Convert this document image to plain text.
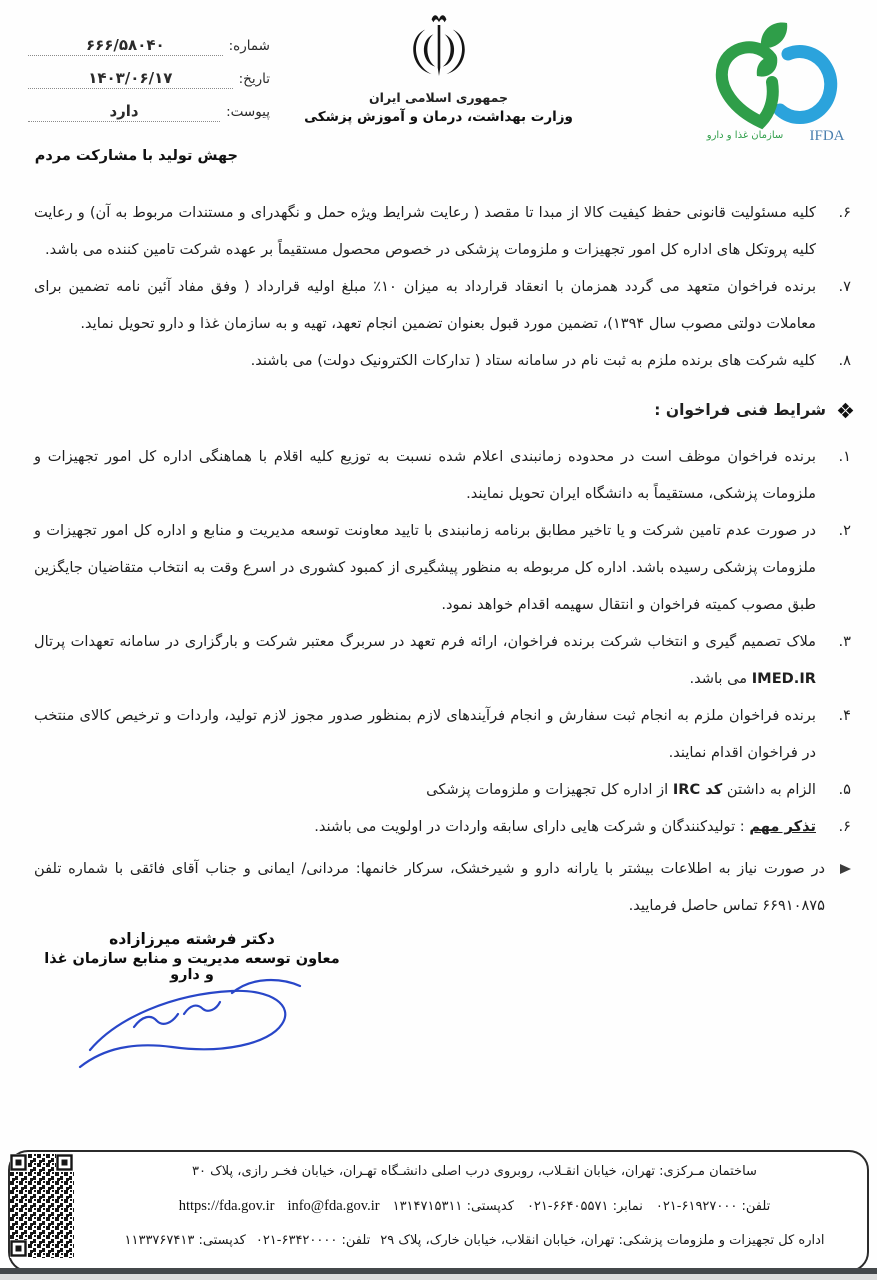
شماره:
۶۶۶/۵۸۰۴۰
تاریخ:
۱۴۰۳/۰۶/۱۷
پیوست:
دارد
جهش تولید با مشارکت مردم
جمهوری اسلامی ایران
وزارت بهداشت، درمان و آموزش پزشکی
IFDA
سازمان غذا و دارو
۶.
کلیه مسئولیت قانونی حفظ کیفیت کالا از مبدا تا مقصد ( رعایت شرایط ویژه حمل و نگهدرای و مستندات مربوط به آن) و رعایت کلیه پروتکل های اداره کل امور تجهیزات و ملزومات پزشکی در خصوص محصول مستقیماً بر عهده شرکت تامین کننده می باشد.
۷.
برنده فراخوان متعهد می گردد همزمان با انعقاد قرارداد به میزان ۱۰٪ مبلغ اولیه قرارداد ( وفق مفاد آئین نامه تضمین برای معاملات دولتی مصوب سال ۱۳۹۴)، تضمین مورد قبول بعنوان تضمین انجام تعهد، تهیه و به سازمان غذا و دارو تحویل نماید.
۸.
کلیه شرکت های برنده ملزم به ثبت نام در سامانه ستاد ( تدارکات الکترونیک دولت) می باشند.
شرایط فنی فراخوان :
۱.
برنده فراخوان موظف است در محدوده زمانبندی اعلام شده نسبت به توزیع کلیه اقلام با هماهنگی اداره کل امور تجهیزات و ملزومات پزشکی، مستقیماً به دانشگاه ایران تحویل نمایند.
۲.
در صورت عدم تامین شرکت و یا تاخیر مطابق برنامه زمانبندی با تایید معاونت توسعه مدیریت و منابع و اداره کل امور تجهیزات و ملزومات پزشکی رسیده باشد. اداره کل مربوطه به منظور پیشگیری از کمبود کشوری در اسرع وقت به انتخاب متقاضیان جایگزین طبق مصوب کمیته فراخوان و انتقال سهیمه اقدام خواهد نمود.
۳.
ملاک تصمیم گیری و انتخاب شرکت برنده فراخوان، ارائه فرم تعهد در سربرگ معتبر شرکت و بارگزاری در سامانه تعهدات پرتال IMED.IR می باشد.
۴.
برنده فراخوان ملزم به انجام ثبت سفارش و انجام فرآیندهای لازم بمنظور صدور مجوز لازم تولید، واردات و ترخیص کالای منتخب در فراخوان اقدام نمایند.
۵.
الزام به داشتن کد IRC از اداره کل تجهیزات و ملزومات پزشکی
۶.
تذکر مهم : تولیدکنندگان و شرکت هایی دارای سابقه واردات در اولویت می باشند.
در صورت نیاز به اطلاعات بیشتر با یارانه دارو و شیرخشک، سرکار خانمها: مردانی/ ایمانی و جناب آقای فائقی با شماره تلفن ۶۶۹۱۰۸۷۵ تماس حاصل فرمایید.
دکتر فرشته میرزازاده
معاون توسعه مدیریت و منابع سازمان غذا و دارو
ساختمان مـرکزی: تهران، خیابان انقـلاب، روبروی درب اصلی دانشـگاه تهـران، خیابان فخـر رازی، پلاک ۳۰
تلفن: ۰۲۱-۶۱۹۲۷۰۰۰
نمابر: ۰۲۱-۶۶۴۰۵۵۷۱
کدپستی: ۱۳۱۴۷۱۵۳۱۱
info@fda.gov.ir
https://fda.gov.ir
اداره کل تجهیزات و ملزومات پزشکی: تهران، خیابان انقلاب، خیابان خارک، پلاک ۲۹
تلفن: ۰۲۱-۶۳۴۲۰۰۰۰
کدپستی: ۱۱۳۳۷۶۷۴۱۳
